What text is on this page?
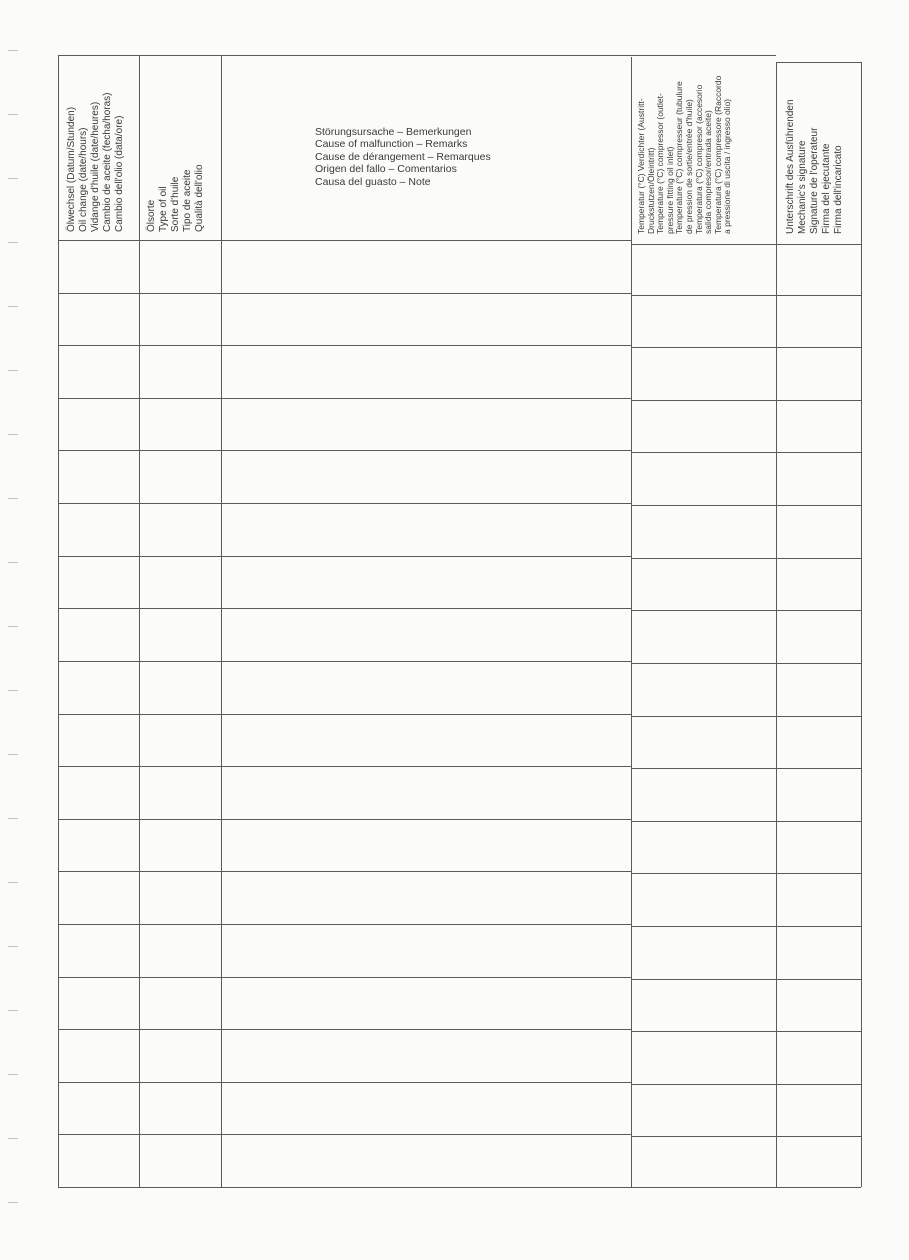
Ölwechsel (Datum/Stunden) Oil change (date/hours) Vidange d'huile (date/heures) Cambio de aceite (fecha/horas) Cambio dell'olio (data/ore) Ölsorte Type of oil Sorte d'huile Tipo de aceite Qualità dell'olio
Störungsursache – Bemerkungen
Cause of malfunction – Remarks
Cause de dérangement – Remarques
Origen del fallo – Comentarios
Causa del guasto – Note	Temperatur (°C) Verdichter (Austritt- Druckstutzen/Öleintritt) Temperature (°C) compressor (outlet- pressure fitting oil inlet) Temperature (°C) compresseur (tubulure de pression de sortie/entrée d'huile) Temperatura (°C) compresor (accesorio salida compresor/entrada aceite) Temperatura (°C) compressore (Raccordo a pressione di uscita / ingresso olio)	Unterschrift des Ausführenden Mechanic's signature Signature de l'operateur Firma del ejecutante Firma dell'incaricato
